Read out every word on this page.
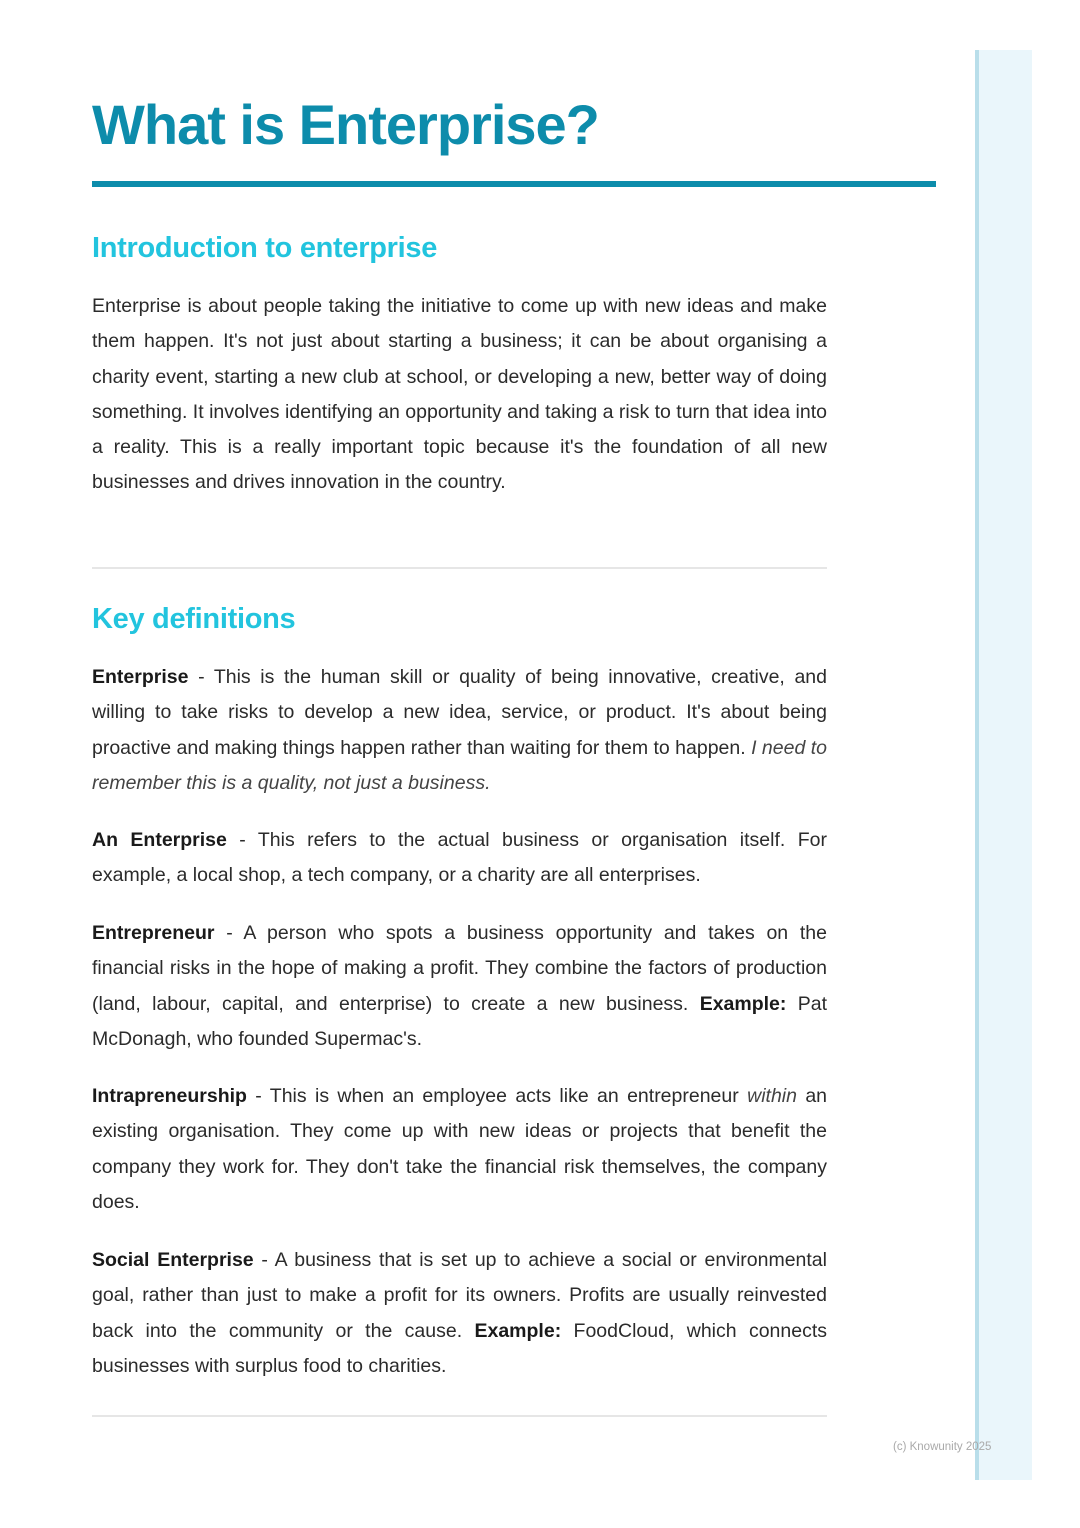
What is Enterprise?
Introduction to enterprise

Enterprise is about people taking the initiative to come up with new ideas and make them happen. It's not just about starting a business; it can be about organising a charity event, starting a new club at school, or developing a new, better way of doing something. It involves identifying an opportunity and taking a risk to turn that idea into a reality. This is a really important topic because it's the foundation of all new businesses and drives innovation in the country.

Key definitions

Enterprise - This is the human skill or quality of being innovative, creative, and willing to take risks to develop a new idea, service, or product. It's about being proactive and making things happen rather than waiting for them to happen. I need to remember this is a quality, not just a business.

An Enterprise - This refers to the actual business or organisation itself. For example, a local shop, a tech company, or a charity are all enterprises.

Entrepreneur - A person who spots a business opportunity and takes on the financial risks in the hope of making a profit. They combine the factors of production (land, labour, capital, and enterprise) to create a new business. Example: Pat McDonagh, who founded Supermac's.

Intrapreneurship - This is when an employee acts like an entrepreneur within an existing organisation. They come up with new ideas or projects that benefit the company they work for. They don't take the financial risk themselves, the company does.

Social Enterprise - A business that is set up to achieve a social or environmental goal, rather than just to make a profit for its owners. Profits are usually reinvested back into the community or the cause. Example: FoodCloud, which connects businesses with surplus food to charities.

(c) Knowunity 2025
